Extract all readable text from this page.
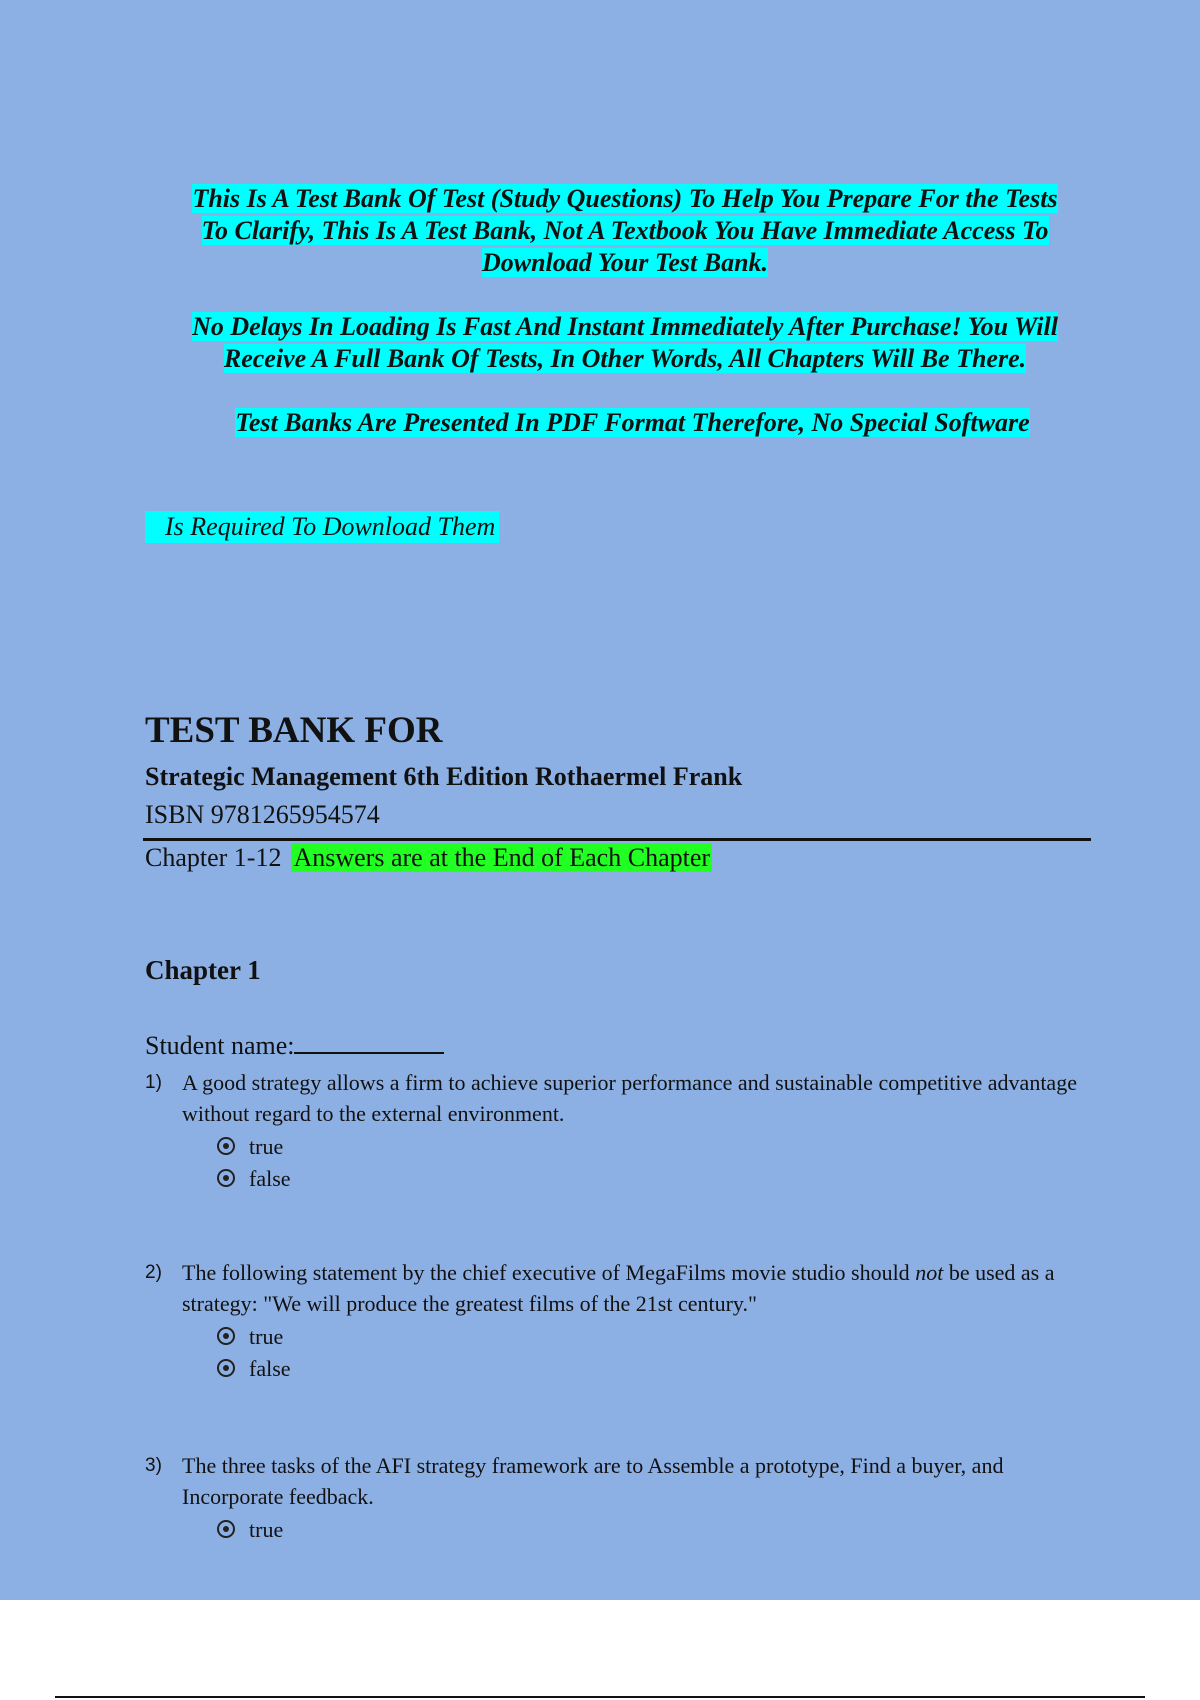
This Is A Test Bank Of Test (Study Questions) To Help You Prepare For the Tests
To Clarify, This Is A Test Bank, Not A Textbook You Have Immediate Access To Download Your Test Bank.

No Delays In Loading Is Fast And Instant Immediately After Purchase! You Will
Receive A Full Bank Of Tests, In Other Words, All Chapters Will Be There.

Test Banks Are Presented In PDF Format Therefore, No Special Software

Is Required To Download Them
TEST BANK FOR
Strategic Management 6th Edition Rothaermel Frank

ISBN 9781265954574

Chapter 1-12 Answers are at the End of Each Chapter
Chapter 1
Student name:
1) A good strategy allows a firm to achieve superior performance and sustainable competitive advantage without regard to the external environment.
true
false
2) The following statement by the chief executive of MegaFilms movie studio should not be used as a strategy: "We will produce the greatest films of the 21st century."
true
false
3) The three tasks of the AFI strategy framework are to Assemble a prototype, Find a buyer, and Incorporate feedback.
true
